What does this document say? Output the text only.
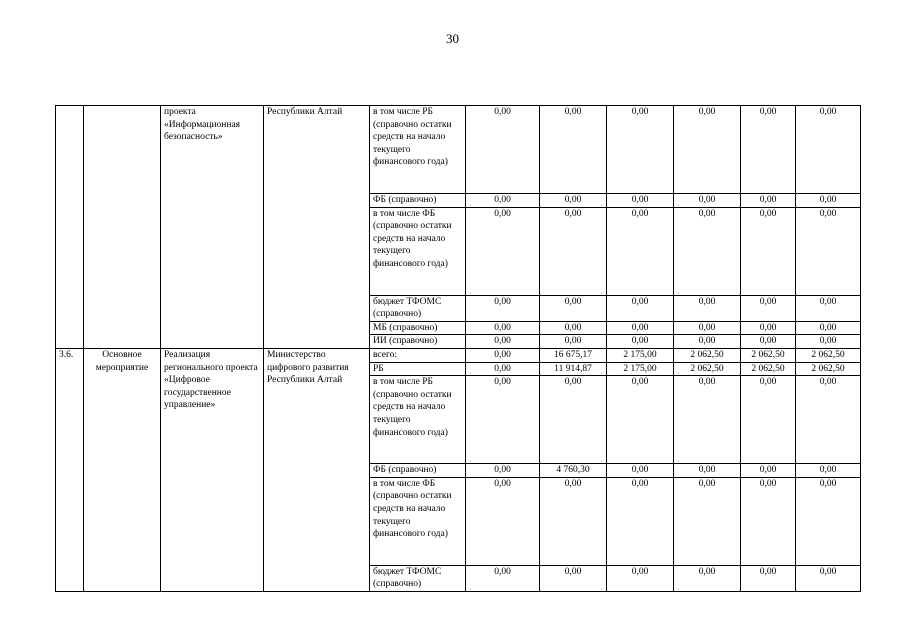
30
		проекта «Информационная безопасность»	Республики Алтай	в том числе РБ (справочно остатки средств на начало текущего финансового года)	0,00	0,00	0,00	0,00	0,00	0,00
				ФБ (справочно)	0,00	0,00	0,00	0,00	0,00	0,00
				в том числе ФБ (справочно остатки средств на начало текущего финансового года)	0,00	0,00	0,00	0,00	0,00	0,00
				бюджет ТФОМС (справочно)	0,00	0,00	0,00	0,00	0,00	0,00
				МБ (справочно)	0,00	0,00	0,00	0,00	0,00	0,00
				ИИ (справочно)	0,00	0,00	0,00	0,00	0,00	0,00
3.6.	Основное мероприятие	Реализация регионального проекта «Цифровое государственное управление»	Министерство цифрового развития Республики Алтай	всего:	0,00	16 675,17	2 175,00	2 062,50	2 062,50	2 062,50
				РБ	0,00	11 914,87	2 175,00	2 062,50	2 062,50	2 062,50
				в том числе РБ (справочно остатки средств на начало текущего финансового года)	0,00	0,00	0,00	0,00	0,00	0,00
				ФБ (справочно)	0,00	4 760,30	0,00	0,00	0,00	0,00
				в том числе ФБ (справочно остатки средств на начало текущего финансового года)	0,00	0,00	0,00	0,00	0,00	0,00
				бюджет ТФОМС (справочно)	0,00	0,00	0,00	0,00	0,00	0,00
